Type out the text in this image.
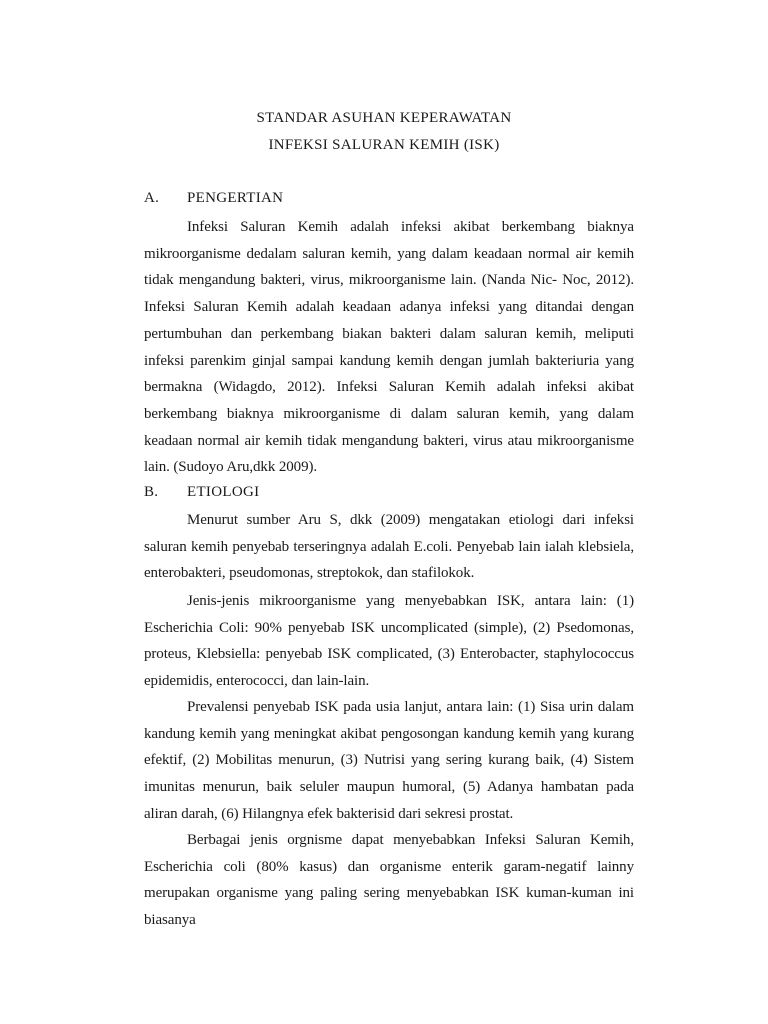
STANDAR ASUHAN KEPERAWATAN
INFEKSI SALURAN KEMIH (ISK)
A. PENGERTIAN

Infeksi Saluran Kemih adalah infeksi akibat berkembang biaknya mikroorganisme dedalam saluran kemih, yang dalam keadaan normal air kemih tidak mengandung bakteri, virus, mikroorganisme lain. (Nanda Nic- Noc, 2012). Infeksi Saluran Kemih adalah keadaan adanya infeksi yang ditandai dengan pertumbuhan dan perkembang biakan bakteri dalam saluran kemih, meliputi infeksi parenkim ginjal sampai kandung kemih dengan jumlah bakteriuria yang bermakna (Widagdo, 2012). Infeksi Saluran Kemih adalah infeksi akibat berkembang biaknya mikroorganisme di dalam saluran kemih, yang dalam keadaan normal air kemih tidak mengandung bakteri, virus atau mikroorganisme lain. (Sudoyo Aru,dkk 2009).

B. ETIOLOGI

Menurut sumber Aru S, dkk (2009) mengatakan etiologi dari infeksi saluran kemih penyebab terseringnya adalah E.coli. Penyebab lain ialah klebsiela, enterobakteri, pseudomonas, streptokok, dan stafilokok.

Jenis-jenis mikroorganisme yang menyebabkan ISK, antara lain: (1) Escherichia Coli: 90% penyebab ISK uncomplicated (simple), (2) Psedomonas, proteus, Klebsiella: penyebab ISK complicated, (3) Enterobacter, staphylococcus epidemidis, enterococci, dan lain-lain.

Prevalensi penyebab ISK pada usia lanjut, antara lain: (1) Sisa urin dalam kandung kemih yang meningkat akibat pengosongan kandung kemih yang kurang efektif, (2) Mobilitas menurun, (3) Nutrisi yang sering kurang baik, (4) Sistem imunitas menurun, baik seluler maupun humoral, (5) Adanya hambatan pada aliran darah, (6) Hilangnya efek bakterisid dari sekresi prostat.

Berbagai jenis orgnisme dapat menyebabkan Infeksi Saluran Kemih, Escherichia coli (80% kasus) dan organisme enterik garam-negatif lainny merupakan organisme yang paling sering menyebabkan ISK kuman-kuman ini biasanya
